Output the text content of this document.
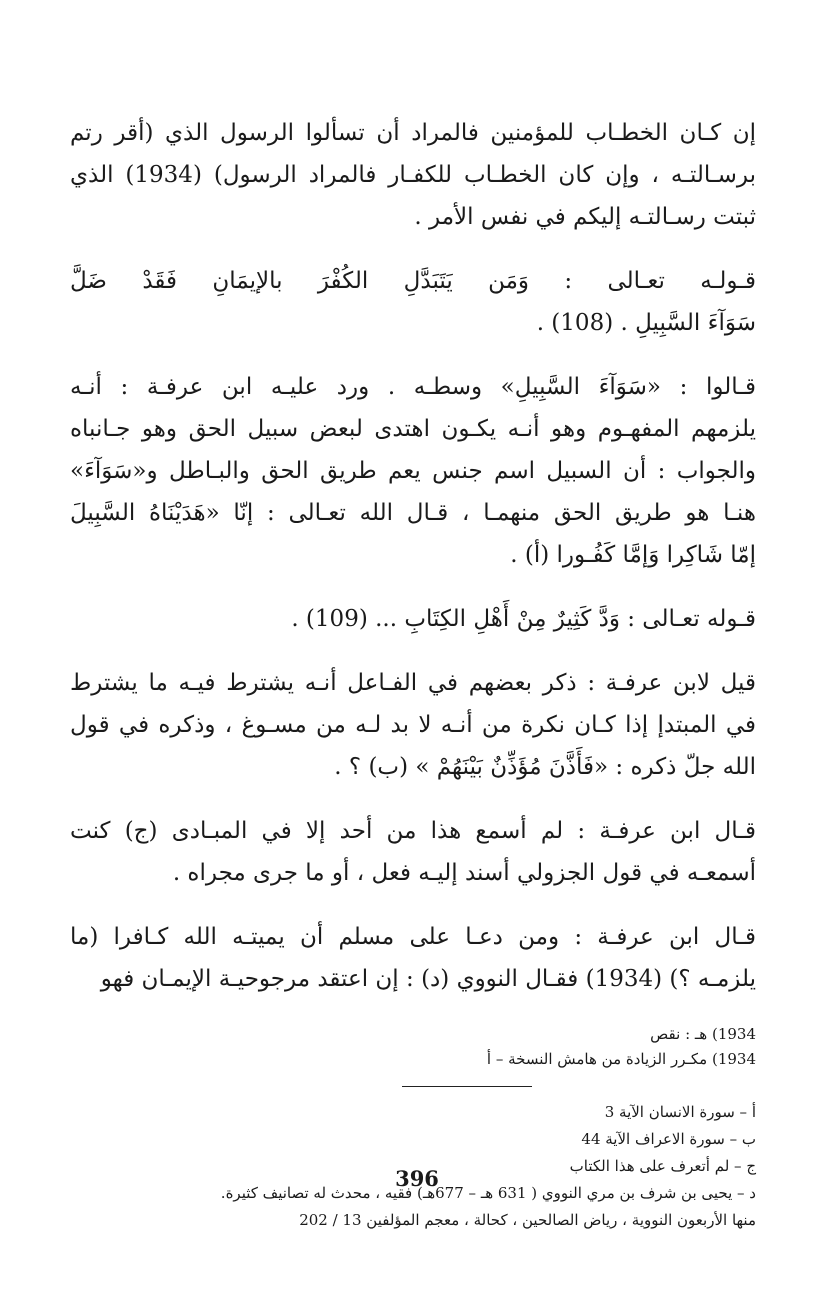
إن كـان الخطـاب للمؤمنين فالمراد أن تسألوا الرسول الذي (أقر رتم
برسـالتـه ، وإن كان الخطـاب للكفـار فالمراد الرسول) (1934) الذي
ثبتت رسـالتـه إليكم في نفس الأمر .
قـولـه تعـالى : وَمَن يَتَبَدَّلِ الكُفْرَ بالإيمَانِ فَقَدْ ضَلَّ
سَوَآءَ السَّبِيلِ . (108) .
قـالوا : «سَوَآءَ السَّبِيلِ» وسطـه . ورد عليـه ابن عرفـة : أنـه
يلزمهم المفهـوم وهو أنـه يكـون اهتدى لبعض سبيل الحق وهو جـانباه
والجواب : أن السبيل اسم جنس يعم طريق الحق والبـاطل و«سَوَآءَ»
هنـا هو طريق الحق منهمـا ، قـال الله تعـالى : إنّا «هَدَيْنَاهُ السَّبِيلَ
إمّا شَاكِرا وَإمَّا كَفُـورا (أ) .
قـوله تعـالى : وَدَّ كَثِيرٌ مِنْ أَهْلِ الكِتَابِ ... (109) .
قيل لابن عرفـة : ذكر بعضهم في الفـاعل أنـه يشترط فيـه ما يشترط
في المبتدإ إذا كـان نكرة من أنـه لا بد لـه من مسـوغ ، وذكره في قول
الله جلّ ذكره : «فَأَذَّنَ مُؤَذِّنٌ بَيْنَهُمْ » (ب) ؟ .
قـال ابن عرفـة : لم أسمع هذا من أحد إلا في المبـادى (ج) كنت
أسمعـه في قول الجزولي أسند إليـه فعل ، أو ما جرى مجراه .
قـال ابن عرفـة : ومن دعـا على مسلم أن يميتـه الله كـافرا (ما
يلزمـه ؟) (1934) فقـال النووي (د) : إن اعتقد مرجوحيـة الإيمـان فهو
1934) هـ : نقص
1934) مكـرر الزيادة من هامش النسخة – أ
أ – سورة الانسان الآية 3
ب – سورة الاعراف الآية 44
ج – لم أتعرف على هذا الكتاب
د – يحيى بن شرف بن مري النووي ( 631 هـ – 677هـ) فقيه ، محدث له تصانيف كثيرة.
منها الأربعون النووية ، رياض الصالحين ، كحالة ، معجم المؤلفين 13 / 202
396
